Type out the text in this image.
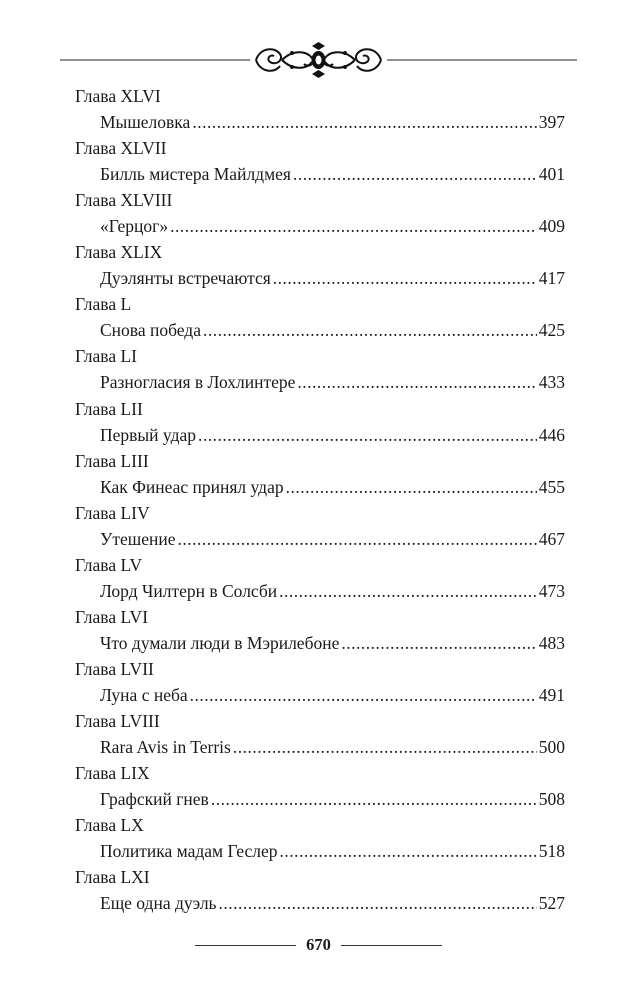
Глава XLVI
Мышеловка .....	397
Глава XLVII
Билль мистера Майлдмея .....	401
Глава XLVIII
«Герцог» .....	409
Глава XLIX
Дуэлянты встречаются .....	417
Глава L
Снова победа .....	425
Глава LI
Разногласия в Лохлинтере .....	433
Глава LII
Первый удар .....	446
Глава LIII
Как Финеас принял удар .....	455
Глава LIV
Утешение .....	467
Глава LV
Лорд Чилтерн в Солсби .....	473
Глава LVI
Что думали люди в Мэрилебоне .....	483
Глава LVII
Луна с неба .....	491
Глава LVIII
Rara Avis in Terris .....	500
Глава LIX
Графский гнев .....	508
Глава LX
Политика мадам Геслер .....	518
Глава LXI
Еще одна дуэль .....	527
670
